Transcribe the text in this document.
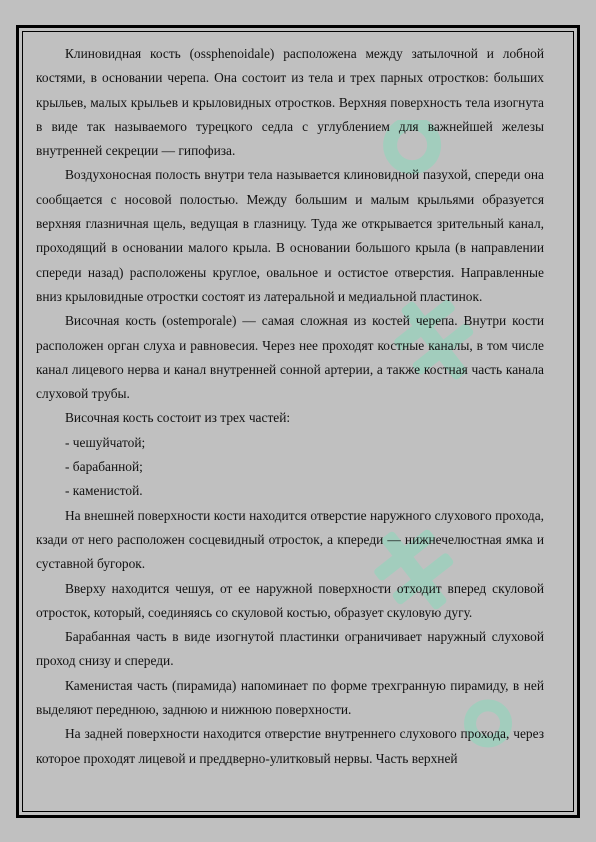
Клиновидная кость (ossphenoidale) расположена между затылочной и лобной костями, в основании черепа. Она состоит из тела и трех парных отростков: больших крыльев, малых крыльев и крыловидных отростков. Верхняя поверхность тела изогнута в виде так называемого турецкого седла с углублением для важнейшей железы внутренней секреции — гипофиза.

Воздухоносная полость внутри тела называется клиновидной пазухой, спереди она сообщается с носовой полостью. Между большим и малым крыльями образуется верхняя глазничная щель, ведущая в глазницу. Туда же открывается зрительный канал, проходящий в основании малого крыла. В основании большого крыла (в направлении спереди назад) расположены круглое, овальное и остистое отверстия. Направленные вниз крыловидные отростки состоят из латеральной и медиальной пластинок.

Височная кость (ostemporale) — самая сложная из костей черепа. Внутри кости расположен орган слуха и равновесия. Через нее проходят костные каналы, в том числе канал лицевого нерва и канал внутренней сонной артерии, а также костная часть канала слуховой трубы.

Височная кость состоит из трех частей:

- чешуйчатой;

- барабанной;

- каменистой.

На внешней поверхности кости находится отверстие наружного слухового прохода, кзади от него расположен сосцевидный отросток, а кпереди — нижнечелюстная ямка и суставной бугорок.

Вверху находится чешуя, от ее наружной поверхности отходит вперед скуловой отросток, который, соединяясь со скуловой костью, образует скуловую дугу.

Барабанная часть в виде изогнутой пластинки ограничивает наружный слуховой проход снизу и спереди.

Каменистая часть (пирамида) напоминает по форме трехгранную пирамиду, в ней выделяют переднюю, заднюю и нижнюю поверхности.

На задней поверхности находится отверстие внутреннего слухового прохода, через которое проходят лицевой и преддверно-улитковый нервы. Часть верхней
